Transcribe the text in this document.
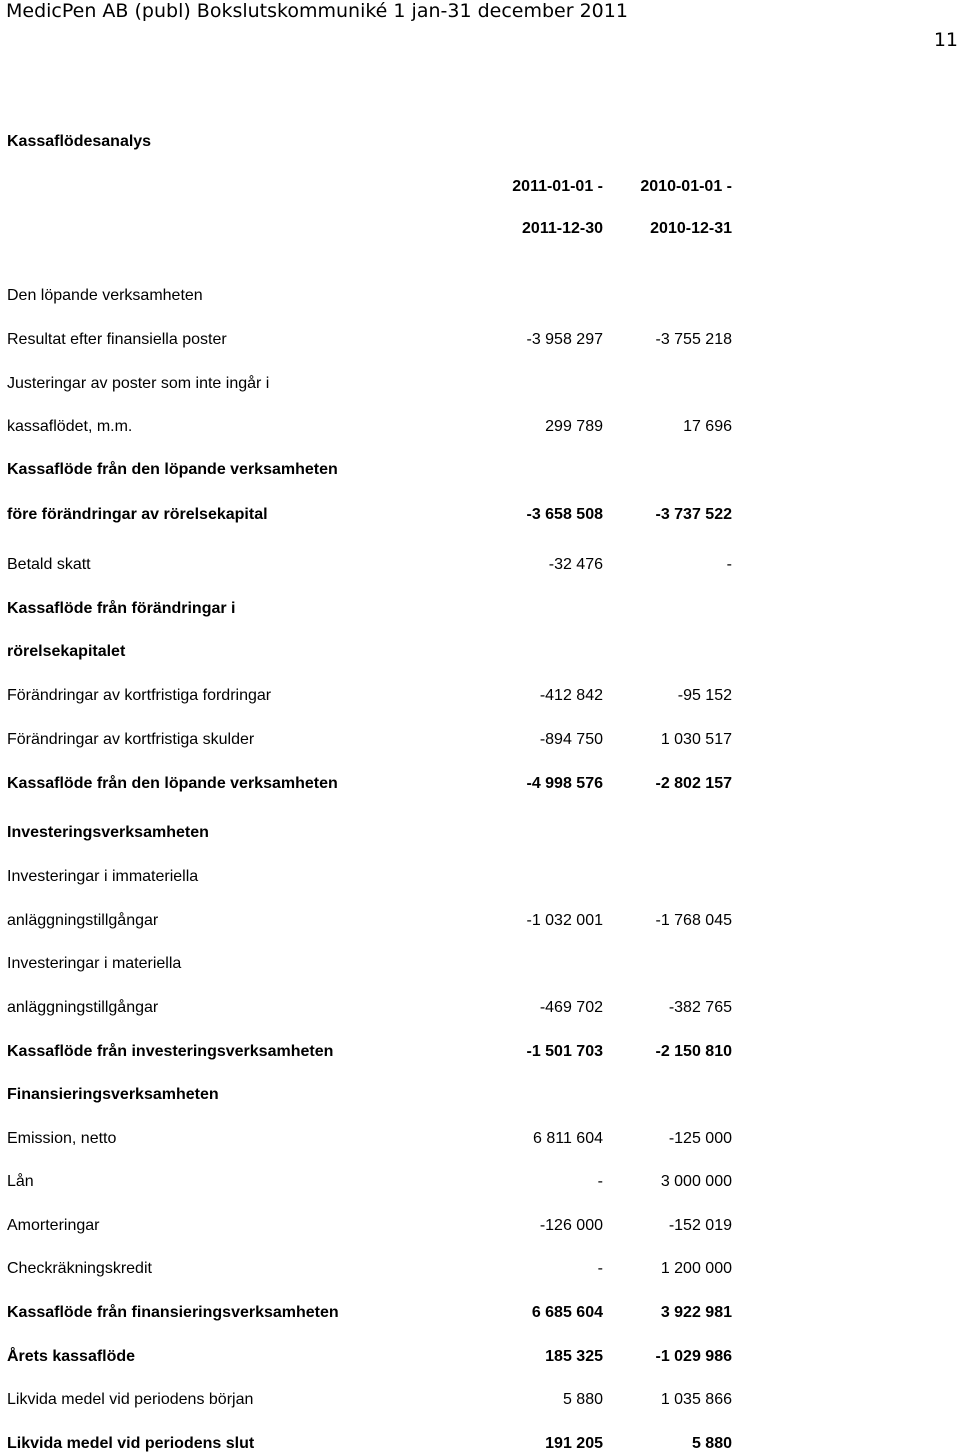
MedicPen AB (publ) Bokslutskommuniké 1 jan-31 december 2011
11
Kassaflödesanalys
2011-01-01 - 2010-01-01 -
2011-12-30	2010-12-31
Den löpande verksamheten
Resultat efter finansiella poster	-3 958 297	-3 755 218
Justeringar av poster som inte ingår i
kassaflödet, m.m.	299 789	17 696
Kassaflöde från den löpande verksamheten
före förändringar av rörelsekapital	-3 658 508	-3 737 522
Betald skatt	-32 476	-
Kassaflöde från förändringar i
rörelsekapitalet
Förändringar av kortfristiga fordringar	-412 842	-95 152
Förändringar av kortfristiga skulder	-894 750	1 030 517
Kassaflöde från den löpande verksamheten	-4 998 576	-2 802 157
Investeringsverksamheten
Investeringar i immateriella
anläggningstillgångar	-1 032 001	-1 768 045
Investeringar i materiella
anläggningstillgångar	-469 702	-382 765
Kassaflöde från investeringsverksamheten	-1 501 703	-2 150 810
Finansieringsverksamheten
Emission, netto	6 811 604	-125 000
Lån	-	3 000 000
Amorteringar	-126 000	-152 019
Checkräkningskredit	-	1 200 000
Kassaflöde från finansieringsverksamheten	6 685 604	3 922 981
Årets kassaflöde	185 325	-1 029 986
Likvida medel vid periodens början	5 880	1 035 866
Likvida medel vid periodens slut	191 205	5 880
